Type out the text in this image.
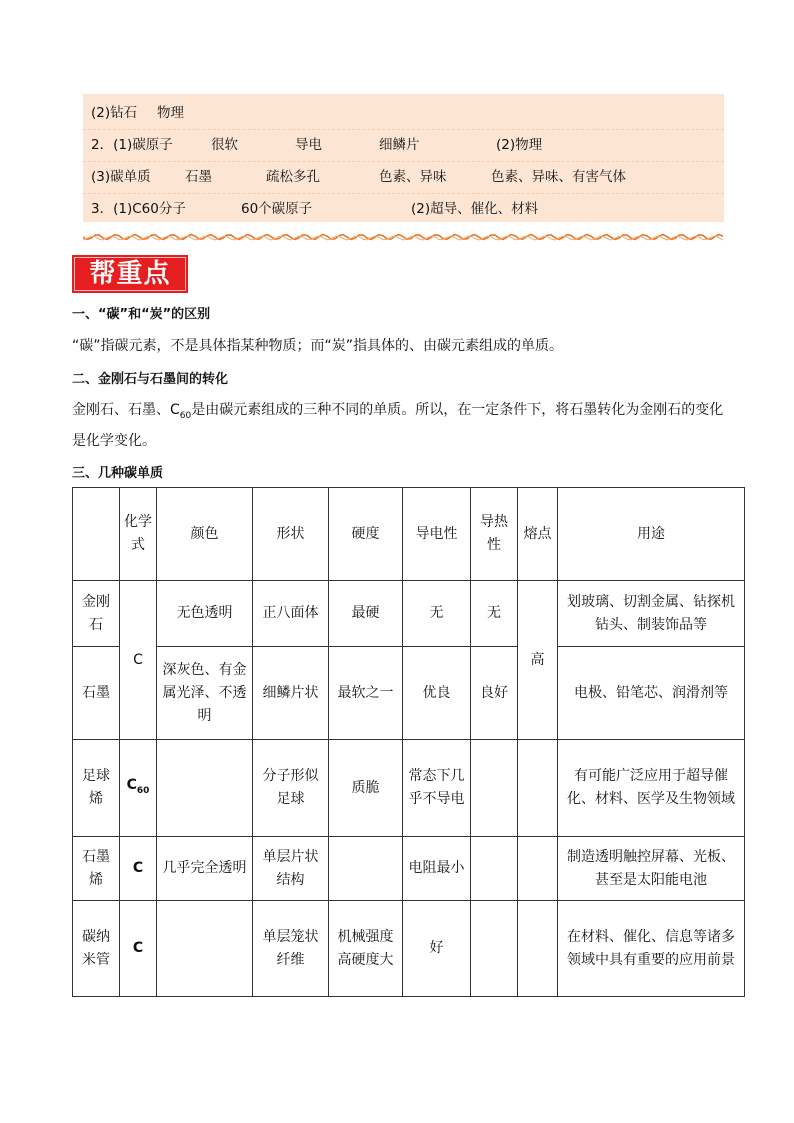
(2)钻石 物理
2．(1)碳原子	很软	导电	细鳞片	(2)物理
(3)碳单质	石墨	疏松多孔	色素、异味	色素、异味、有害气体
3．(1)C60分子	60个碳原子	(2)超导、催化、材料
帮重点
一、“碳”和“炭”的区别
“碳”指碳元素，不是具体指某种物质；而“炭”指具体的、由碳元素组成的单质。
二、金刚石与石墨间的转化
金刚石、石墨、$C_{60}$是由碳元素组成的三种不同的单质。所以，在一定条件下，将石墨转化为金刚石的变化
是化学变化。
三、几种碳单质
	化学式	颜色	形状	硬度	导电性	导热性	熔点	用途
金刚石	C	无色透明	正八面体	最硬	无	无	高	划玻璃、切割金属、钻探机钻头、制装饰品等
石墨		深灰色、有金属光泽、不透明	细鳞片状	最软之一	优良	良好		电极、铅笔芯、润滑剂等
足球烯	$C_{60}$		分子形似足球	质脆	常态下几乎不导电			有可能广泛应用于超导催化、材料、医学及生物领域
石墨烯	C	几乎完全透明	单层片状结构		电阻最小			制造透明触控屏幕、光板、甚至是太阳能电池
碳纳米管	C		单层笼状纤维	机械强度高硬度大	好			在材料、催化、信息等诸多领域中具有重要的应用前景
